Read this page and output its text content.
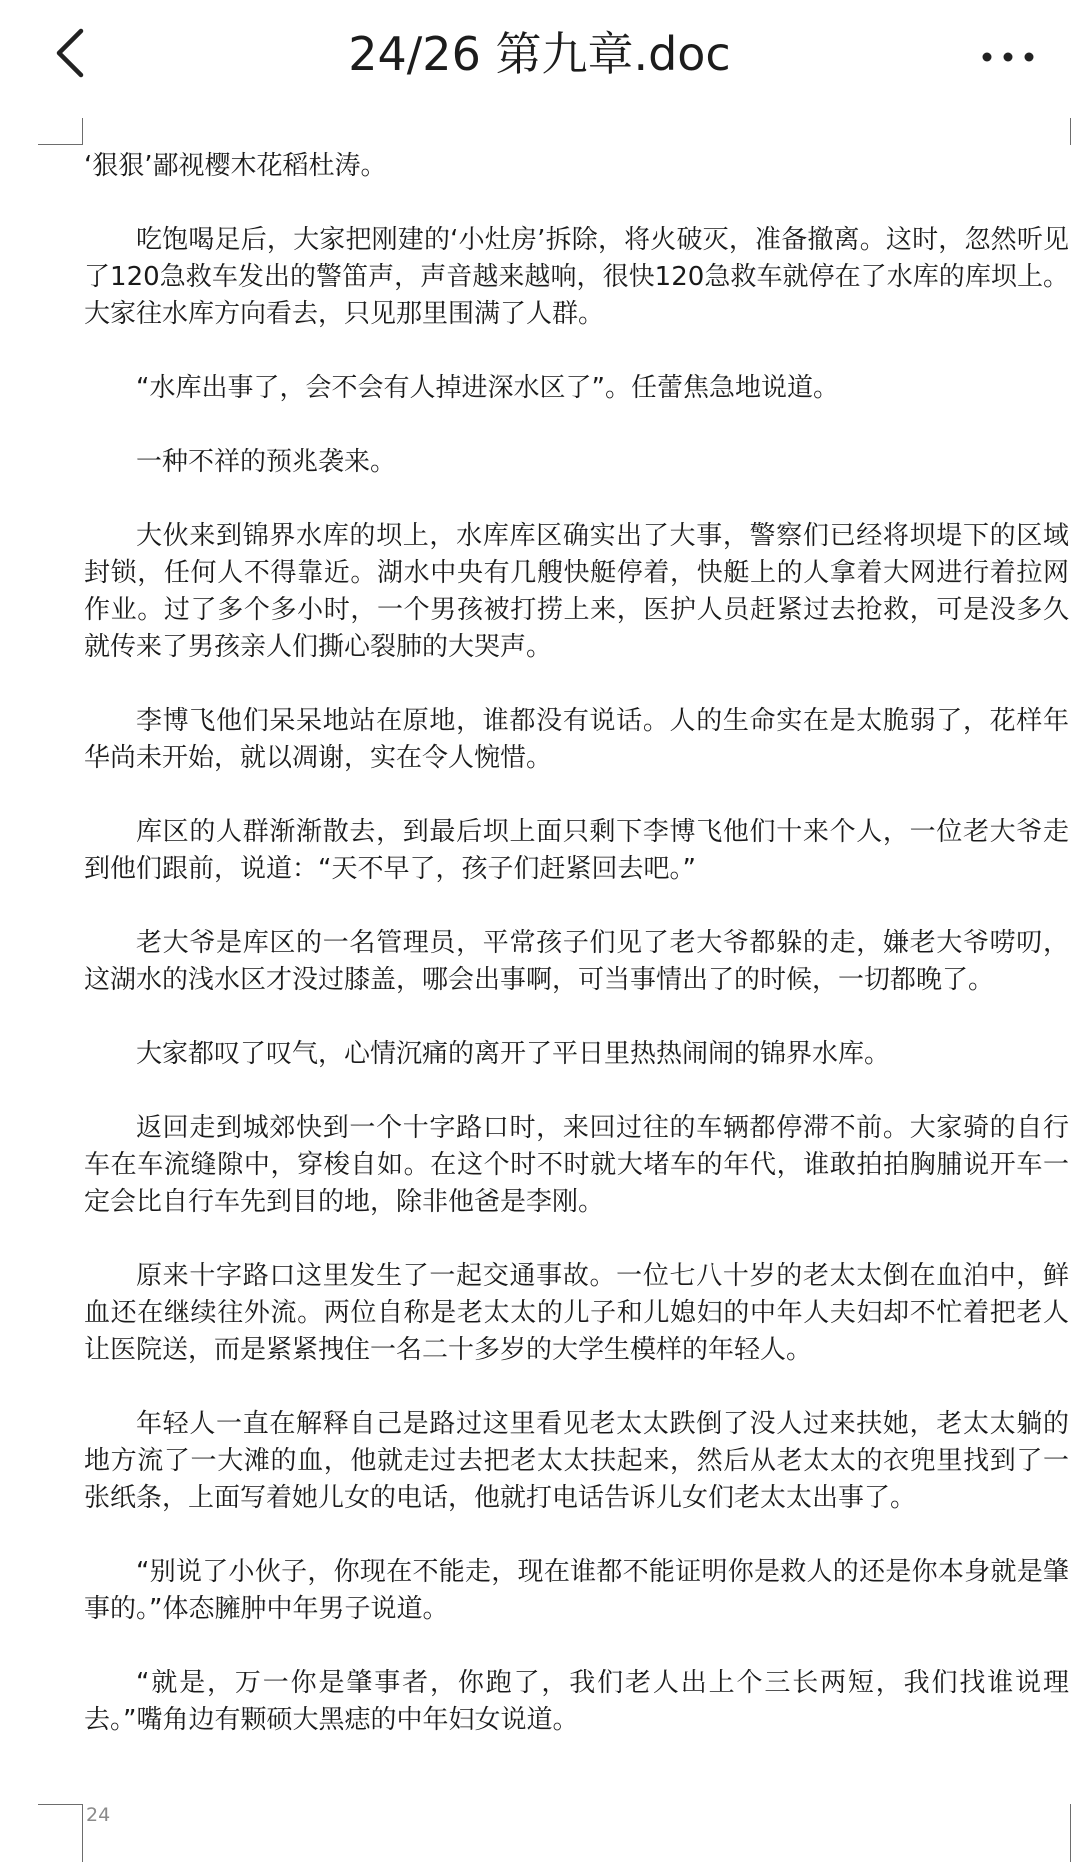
24/26 第九章.doc

‘狠狠’鄙视樱木花稻杜涛。

吃饱喝足后，大家把刚建的‘小灶房’拆除，将火破灭，准备撤离。这时，忽然听见了120急救车发出的警笛声，声音越来越响，很快120急救车就停在了水库的库坝上。大家往水库方向看去，只见那里围满了人群。

“水库出事了，会不会有人掉进深水区了”。任蕾焦急地说道。

一种不祥的预兆袭来。

大伙来到锦界水库的坝上，水库库区确实出了大事，警察们已经将坝堤下的区域封锁，任何人不得靠近。湖水中央有几艘快艇停着，快艇上的人拿着大网进行着拉网作业。过了多个多小时，一个男孩被打捞上来，医护人员赶紧过去抢救，可是没多久就传来了男孩亲人们撕心裂肺的大哭声。

李博飞他们呆呆地站在原地，谁都没有说话。人的生命实在是太脆弱了，花样年华尚未开始，就以凋谢，实在令人惋惜。

库区的人群渐渐散去，到最后坝上面只剩下李博飞他们十来个人，一位老大爷走到他们跟前，说道：“天不早了，孩子们赶紧回去吧。”

老大爷是库区的一名管理员，平常孩子们见了老大爷都躲的走，嫌老大爷唠叨，这湖水的浅水区才没过膝盖，哪会出事啊，可当事情出了的时候，一切都晚了。

大家都叹了叹气，心情沉痛的离开了平日里热热闹闹的锦界水库。

返回走到城郊快到一个十字路口时，来回过往的车辆都停滞不前。大家骑的自行车在车流缝隙中，穿梭自如。在这个时不时就大堵车的年代，谁敢拍拍胸脯说开车一定会比自行车先到目的地，除非他爸是李刚。

原来十字路口这里发生了一起交通事故。一位七八十岁的老太太倒在血泊中，鲜血还在继续往外流。两位自称是老太太的儿子和儿媳妇的中年人夫妇却不忙着把老人让医院送，而是紧紧拽住一名二十多岁的大学生模样的年轻人。

年轻人一直在解释自己是路过这里看见老太太跌倒了没人过来扶她，老太太躺的地方流了一大滩的血，他就走过去把老太太扶起来，然后从老太太的衣兜里找到了一张纸条，上面写着她儿女的电话，他就打电话告诉儿女们老太太出事了。

“别说了小伙子，你现在不能走，现在谁都不能证明你是救人的还是你本身就是肇事的。”体态臃肿中年男子说道。

“就是，万一你是肇事者，你跑了，我们老人出上个三长两短，我们找谁说理去。”嘴角边有颗硕大黑痣的中年妇女说道。

24
